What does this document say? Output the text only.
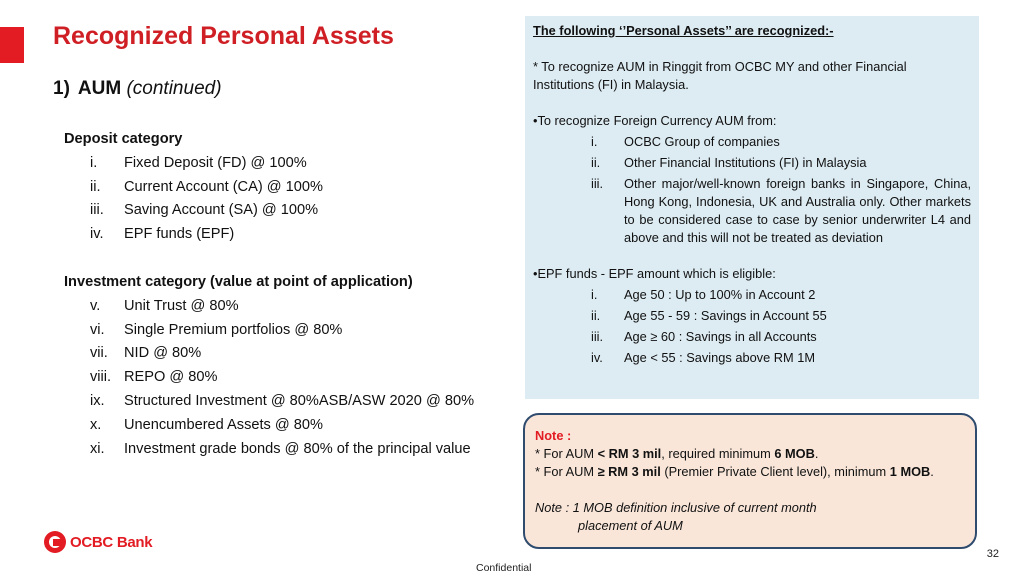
Recognized Personal Assets
1) AUM (continued)
Deposit category
i.	Fixed Deposit (FD) @ 100%
ii.	Current Account (CA) @ 100%
iii.	Saving Account (SA) @ 100%
iv.	EPF funds (EPF)
Investment category (value at point of application)
v.	Unit Trust @ 80%
vi.	Single Premium portfolios @ 80%
vii.	NID @ 80%
viii. REPO @ 80%
ix.	Structured Investment @ 80%ASB/ASW 2020 @ 80%
x.	Unencumbered Assets @ 80%
xi.	Investment grade bonds @ 80% of the principal value
The following ‘’Personal Assets’’ are recognized:-
* To recognize AUM in Ringgit from OCBC MY and other Financial Institutions (FI) in Malaysia.
•To recognize Foreign Currency AUM from:
i.	OCBC Group of companies
ii.	Other Financial Institutions (FI) in Malaysia
iii.	Other major/well-known foreign banks in Singapore, China, Hong Kong, Indonesia, UK and Australia only. Other markets to be considered case to case by senior underwriter L4 and above and this will not be treated as deviation
•EPF funds - EPF amount which is eligible:
i.	Age 50 : Up to 100% in Account 2
ii.	Age 55 - 59 : Savings in Account 55
iii.	Age ≥ 60 : Savings in all Accounts
iv.	Age < 55 : Savings above RM 1M
Note :
* For AUM < RM 3 mil, required minimum 6 MOB.
* For AUM ≥ RM 3 mil (Premier Private Client level), minimum 1 MOB.
Note : 1 MOB definition inclusive of current month
placement of AUM
OCBC Bank
32
Confidential
